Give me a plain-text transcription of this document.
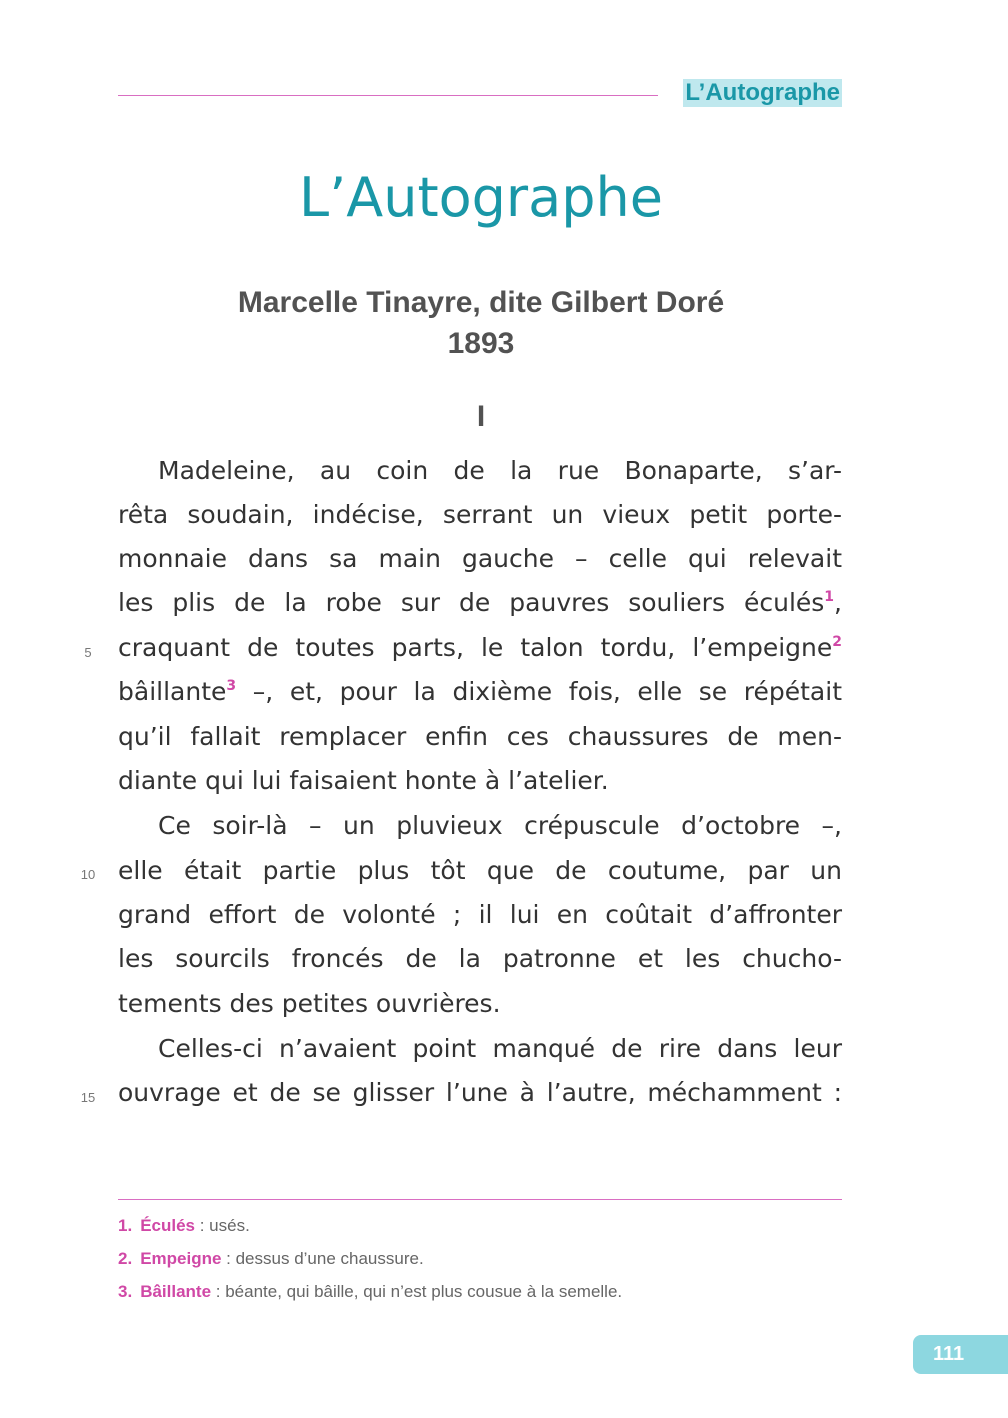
L’Autographe
L’Autographe
Marcelle Tinayre, dite Gilbert Doré
1893
I
Madeleine, au coin de la rue Bonaparte, s’ar-
rêta soudain, indécise, serrant un vieux petit porte-
monnaie dans sa main gauche – celle qui relevait
les plis de la robe sur de pauvres souliers éculés$^1$,
craquant de toutes parts, le talon tordu, l’empeigne$^2$
bâillante$^3$ –, et, pour la dixième fois, elle se répétait
qu’il fallait remplacer enfin ces chaussures de men-
diante qui lui faisaient honte à l’atelier.
Ce soir-là – un pluvieux crépuscule d’octobre –,
elle était partie plus tôt que de coutume, par un
grand effort de volonté ; il lui en coûtait d’affronter
les sourcils froncés de la patronne et les chucho-
tements des petites ouvrières.
Celles-ci n’avaient point manqué de rire dans leur
ouvrage et de se glisser l’une à l’autre, méchamment :
5
10
15
1. Éculés : usés.
2. Empeigne : dessus d’une chaussure.
3. Bâillante : béante, qui bâille, qui n’est plus cousue à la semelle.
111
